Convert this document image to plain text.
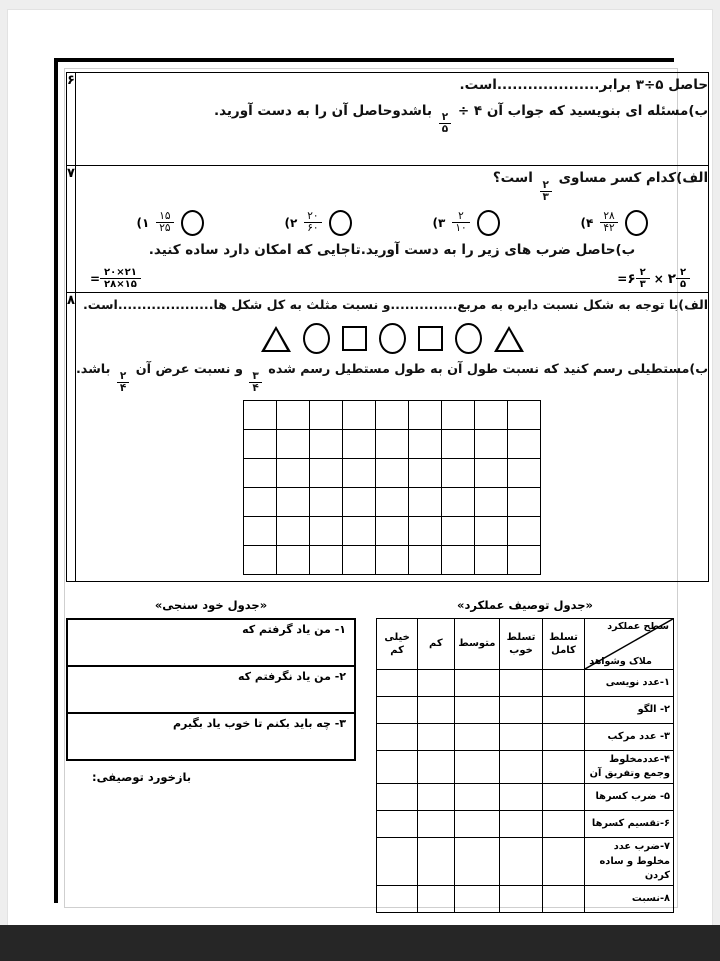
حاصل ۵÷۳ برابر....................است.
ب)مسئله ای بنویسید که جواب آن ۴ ÷
$\frac{۲}{۵}$
باشدوحاصل آن را به دست آورید.
	۶

الف)کدام کسر مساوی
$\frac{۲}{۳}$
است؟
۱) $\frac{۱۵}{۲۵}$	۲) $\frac{۲۰}{۶۰}$	۳) $\frac{۲}{۱۰}$	۴) $\frac{۲۸}{۴۲}$
ب)حاصل ضرب های زیر را به دست آورید.تاجایی که امکان دارد ساده کنید.
۲ $\frac{۲}{۵}$
×
۶ $\frac{۲}{۳}$
=
$\frac{۲۱\times ۲۰}{۱۵\times ۲۸}$
=
	۷

الف)با توجه به شکل نسبت دایره به مربع..............و نسبت مثلث به کل شکل ها....................است.
ب)مستطیلی رسم کنید که نسبت طول آن به طول مستطیل رسم شده
$\frac{۳}{۴}$
و نسبت عرض آن
$\frac{۲}{۴}$
باشد.

	۸
«جدول توصیف عملکرد»
سطح عملکرد
ملاک وشواهد	تسلط کامل	تسلط خوب	متوسط	کم	خیلی کم
۱-عدد نویسی					
۲- الگو					
۳- عدد مرکب					
۴-عددمخلوط وجمع وتفریق آن					
۵- ضرب کسرها					
۶-تقسیم کسرها					
۷-ضرب عدد مخلوط و ساده کردن					
۸-نسبت					
«جدول خود سنجی»
۱- من یاد گرفتم که
۲- من یاد نگرفتم که
۳- چه باید بکنم تا خوب یاد بگیرم
بازخورد توصیفی:
